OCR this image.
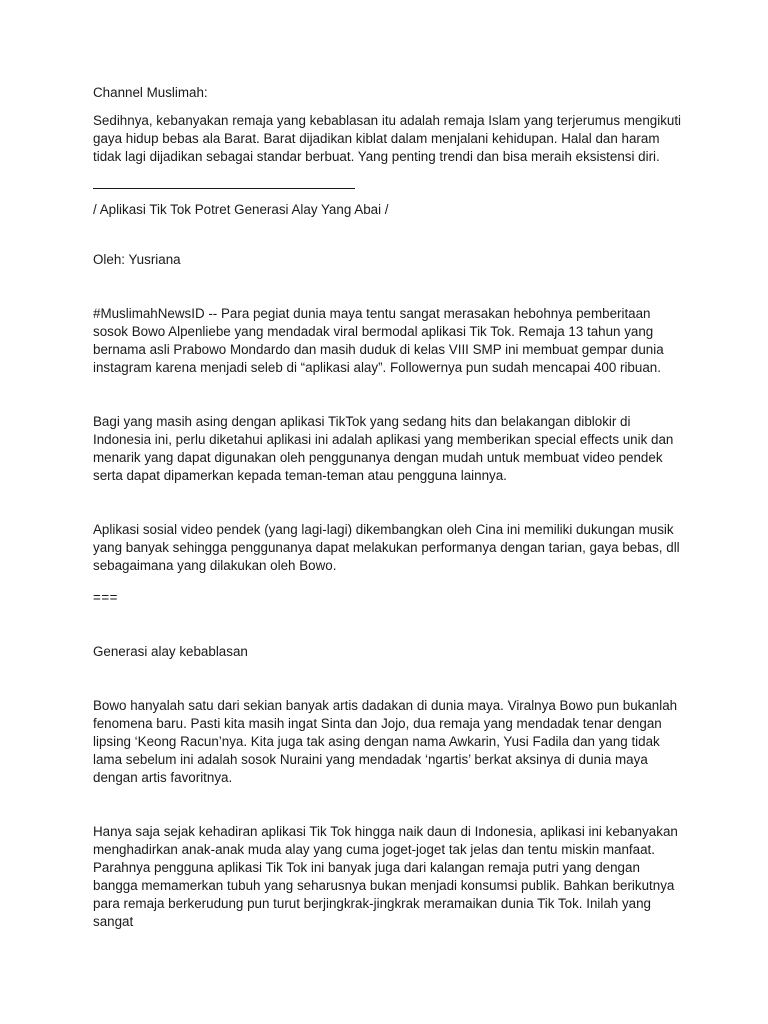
Channel Muslimah:

Sedihnya, kebanyakan remaja yang kebablasan itu adalah remaja Islam yang terjerumus mengikuti gaya hidup bebas ala Barat. Barat dijadikan kiblat dalam menjalani kehidupan. Halal dan haram tidak lagi dijadikan sebagai standar berbuat. Yang penting trendi dan bisa meraih eksistensi diri.

/ Aplikasi Tik Tok Potret Generasi Alay Yang Abai /

Oleh: Yusriana

#MuslimahNewsID -- Para pegiat dunia maya tentu sangat merasakan hebohnya pemberitaan sosok Bowo Alpenliebe yang mendadak viral bermodal aplikasi Tik Tok. Remaja 13 tahun yang bernama asli Prabowo Mondardo dan masih duduk di kelas VIII SMP ini membuat gempar dunia instagram karena menjadi seleb di “aplikasi alay”. Followernya pun sudah mencapai 400 ribuan.

Bagi yang masih asing dengan aplikasi TikTok yang sedang hits dan belakangan diblokir di Indonesia ini, perlu diketahui aplikasi ini adalah aplikasi yang memberikan special effects unik dan menarik yang dapat digunakan oleh penggunanya dengan mudah untuk membuat video pendek serta dapat dipamerkan kepada teman-teman atau pengguna lainnya.

Aplikasi sosial video pendek (yang lagi-lagi) dikembangkan oleh Cina ini memiliki dukungan musik yang banyak sehingga penggunanya dapat melakukan performanya dengan tarian, gaya bebas, dll sebagaimana yang dilakukan oleh Bowo.

===

Generasi alay kebablasan

Bowo hanyalah satu dari sekian banyak artis dadakan di dunia maya. Viralnya Bowo pun bukanlah fenomena baru. Pasti kita masih ingat Sinta dan Jojo, dua remaja yang mendadak tenar dengan lipsing ‘Keong Racun’nya. Kita juga tak asing dengan nama Awkarin, Yusi Fadila dan yang tidak lama sebelum ini adalah sosok Nuraini yang mendadak ‘ngartis’ berkat aksinya di dunia maya dengan artis favoritnya.

Hanya saja sejak kehadiran aplikasi Tik Tok hingga naik daun di Indonesia, aplikasi ini kebanyakan menghadirkan anak-anak muda alay yang cuma joget-joget tak jelas dan tentu miskin manfaat. Parahnya pengguna aplikasi Tik Tok ini banyak juga dari kalangan remaja putri yang dengan bangga memamerkan tubuh yang seharusnya bukan menjadi konsumsi publik. Bahkan berikutnya para remaja berkerudung pun turut berjingkrak-jingkrak meramaikan dunia Tik Tok. Inilah yang sangat
